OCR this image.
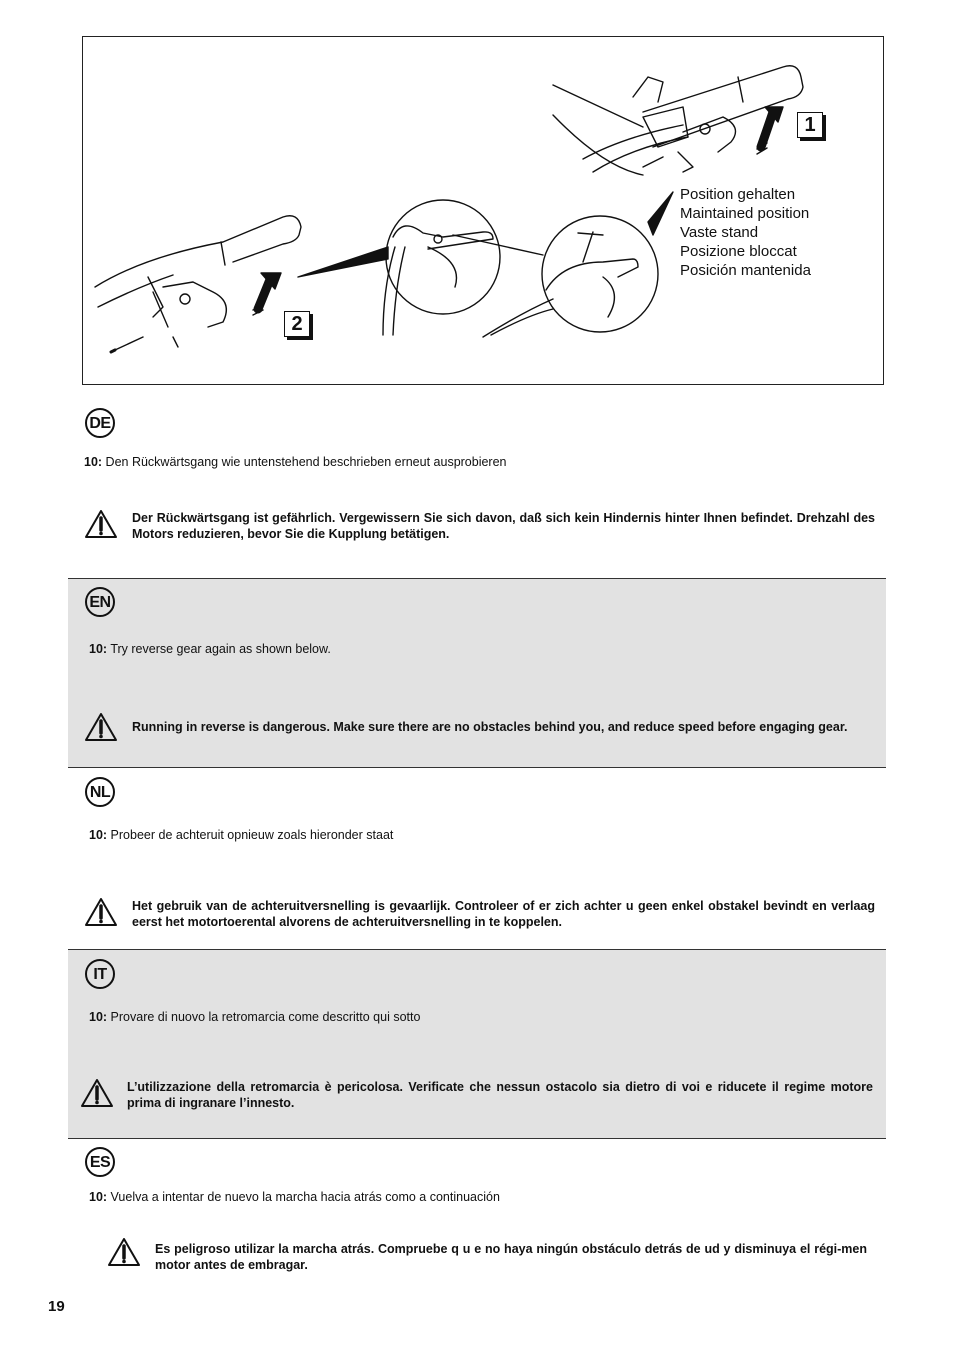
Position gehalten
Maintained position
Vaste stand
Posizione bloccat
Posición mantenida
1
2
DE
10: Den Rückwärtsgang wie untenstehend beschrieben erneut ausprobieren
Der Rückwärtsgang ist gefährlich. Vergewissern Sie sich davon, daß sich kein Hindernis hinter Ihnen befindet. Drehzahl des Motors reduzieren, bevor Sie die Kupplung betätigen.
EN
10: Try reverse gear again as shown below.
Running in reverse is dangerous. Make sure there are no obstacles behind you, and reduce speed before engaging gear.
NL
10: Probeer de achteruit opnieuw zoals hieronder staat
Het gebruik van de achteruitversnelling is gevaarlijk. Controleer of er zich achter u geen enkel obstakel bevindt en verlaag eerst het motortoerental alvorens de achteruitversnelling in te koppelen.
IT
10: Provare di nuovo la retromarcia come descritto qui sotto
L’utilizzazione della retromarcia è pericolosa. Verificate che nessun ostacolo sia dietro di voi e riducete il regime motore prima di ingranare l’innesto.
ES
10: Vuelva a intentar de nuevo la marcha hacia atrás como a continuación
Es peligroso utilizar la marcha atrás. Compruebe q u e no haya ningún obstáculo detrás de ud y disminuya el régi-men motor antes de embragar.
19
